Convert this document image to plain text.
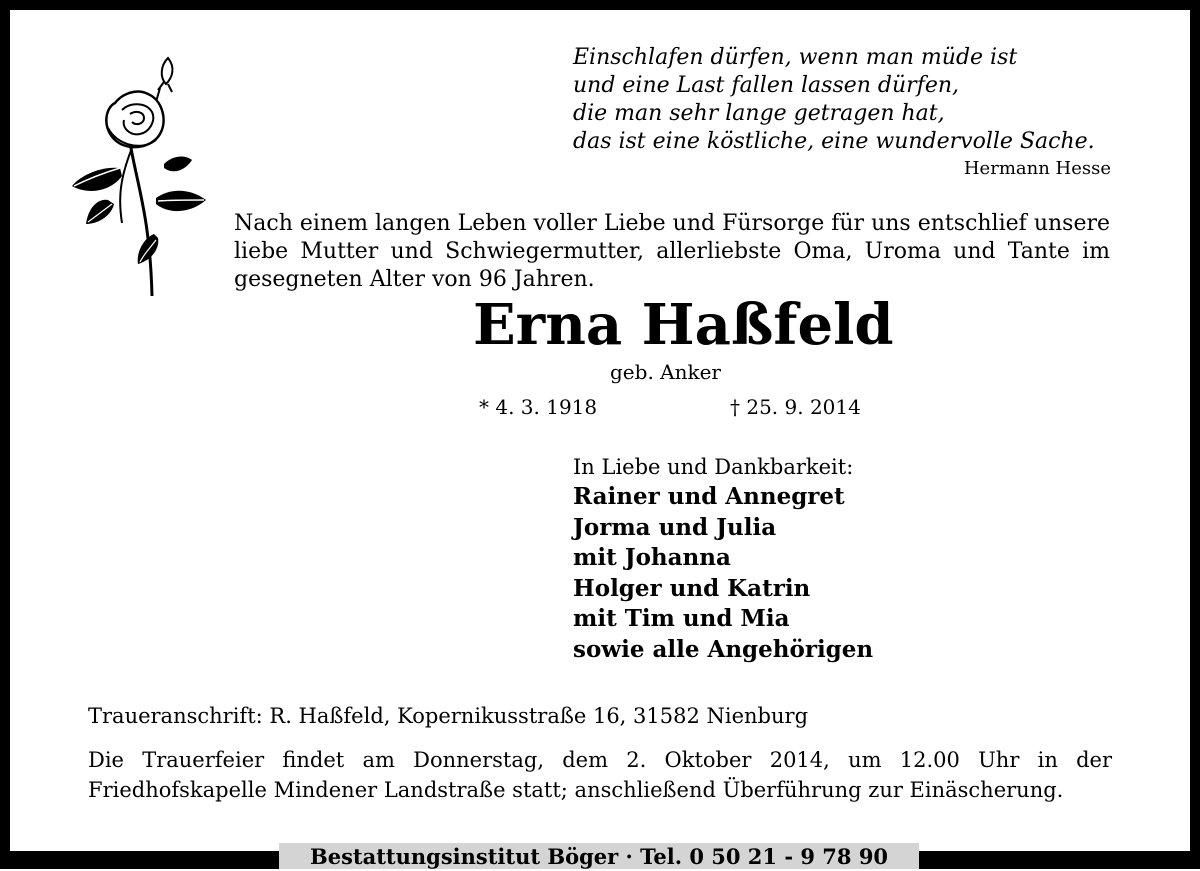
Einschlafen dürfen, wenn man müde ist
und eine Last fallen lassen dürfen,
die man sehr lange getragen hat,
das ist eine köstliche, eine wundervolle Sache.
Hermann Hesse
Nach einem langen Leben voller Liebe und Fürsorge für uns entschlief unsere liebe Mutter und Schwiegermutter, allerliebste Oma, Uroma und Tante im gesegneten Alter von 96 Jahren.
Erna Haßfeld
geb. Anker
* 4. 3. 1918	† 25. 9. 2014
In Liebe und Dankbarkeit:
Rainer und Annegret
Jorma und Julia
mit Johanna
Holger und Katrin
mit Tim und Mia
sowie alle Angehörigen
Traueranschrift: R. Haßfeld, Kopernikusstraße 16, 31582 Nienburg
Die Trauerfeier findet am Donnerstag, dem 2. Oktober 2014, um 12.00 Uhr in der Friedhofskapelle Mindener Landstraße statt; anschließend Überführung zur Einäscherung.
Bestattungsinstitut Böger · Tel. 0 50 21 - 9 78 90
